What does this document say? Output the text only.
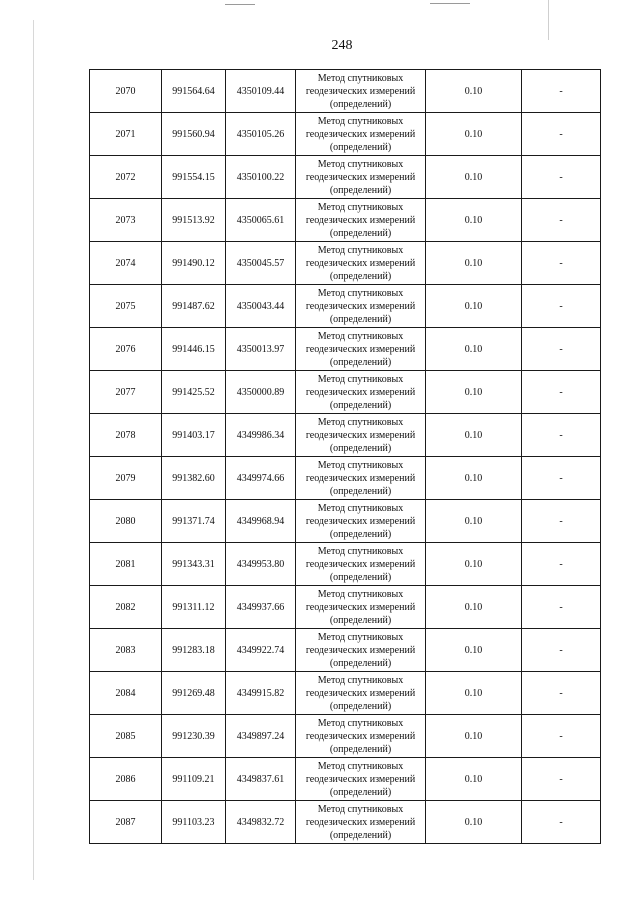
248
2070	991564.64	4350109.44	Метод спутниковых
геодезических измерений
(определений)	0.10	-
2071	991560.94	4350105.26	Метод спутниковых
геодезических измерений
(определений)	0.10	-
2072	991554.15	4350100.22	Метод спутниковых
геодезических измерений
(определений)	0.10	-
2073	991513.92	4350065.61	Метод спутниковых
геодезических измерений
(определений)	0.10	-
2074	991490.12	4350045.57	Метод спутниковых
геодезических измерений
(определений)	0.10	-
2075	991487.62	4350043.44	Метод спутниковых
геодезических измерений
(определений)	0.10	-
2076	991446.15	4350013.97	Метод спутниковых
геодезических измерений
(определений)	0.10	-
2077	991425.52	4350000.89	Метод спутниковых
геодезических измерений
(определений)	0.10	-
2078	991403.17	4349986.34	Метод спутниковых
геодезических измерений
(определений)	0.10	-
2079	991382.60	4349974.66	Метод спутниковых
геодезических измерений
(определений)	0.10	-
2080	991371.74	4349968.94	Метод спутниковых
геодезических измерений
(определений)	0.10	-
2081	991343.31	4349953.80	Метод спутниковых
геодезических измерений
(определений)	0.10	-
2082	991311.12	4349937.66	Метод спутниковых
геодезических измерений
(определений)	0.10	-
2083	991283.18	4349922.74	Метод спутниковых
геодезических измерений
(определений)	0.10	-
2084	991269.48	4349915.82	Метод спутниковых
геодезических измерений
(определений)	0.10	-
2085	991230.39	4349897.24	Метод спутниковых
геодезических измерений
(определений)	0.10	-
2086	991109.21	4349837.61	Метод спутниковых
геодезических измерений
(определений)	0.10	-
2087	991103.23	4349832.72	Метод спутниковых
геодезических измерений
(определений)	0.10	-
